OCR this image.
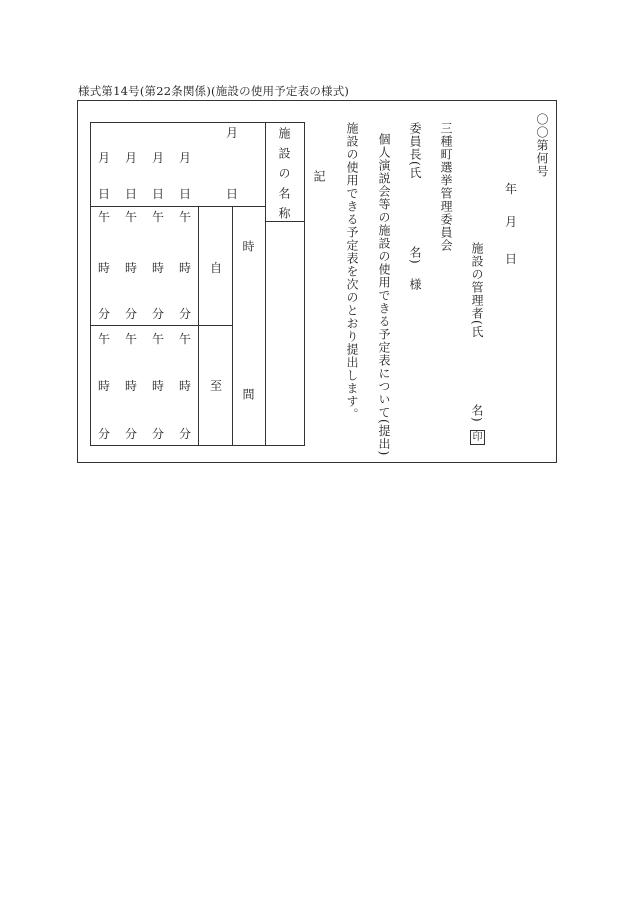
様式第14号(第22条関係)(施設の使用予定表の様式)
〇〇第何号
年
月
日
施設の管理者(氏
名)
印
三種町選挙管理委員会
委員長(氏
名)
様
個人演説会等の施設の使用できる予定表について(提出)
施設の使用できる予定表を次のとおり提出します。
記
月
日	施設の名称
時間
自
至
月 月 月 月
日 日 日 日
午 午 午 午
時 時 時 時
分 分 分 分
午 午 午 午
時 時 時 時
分 分 分 分
